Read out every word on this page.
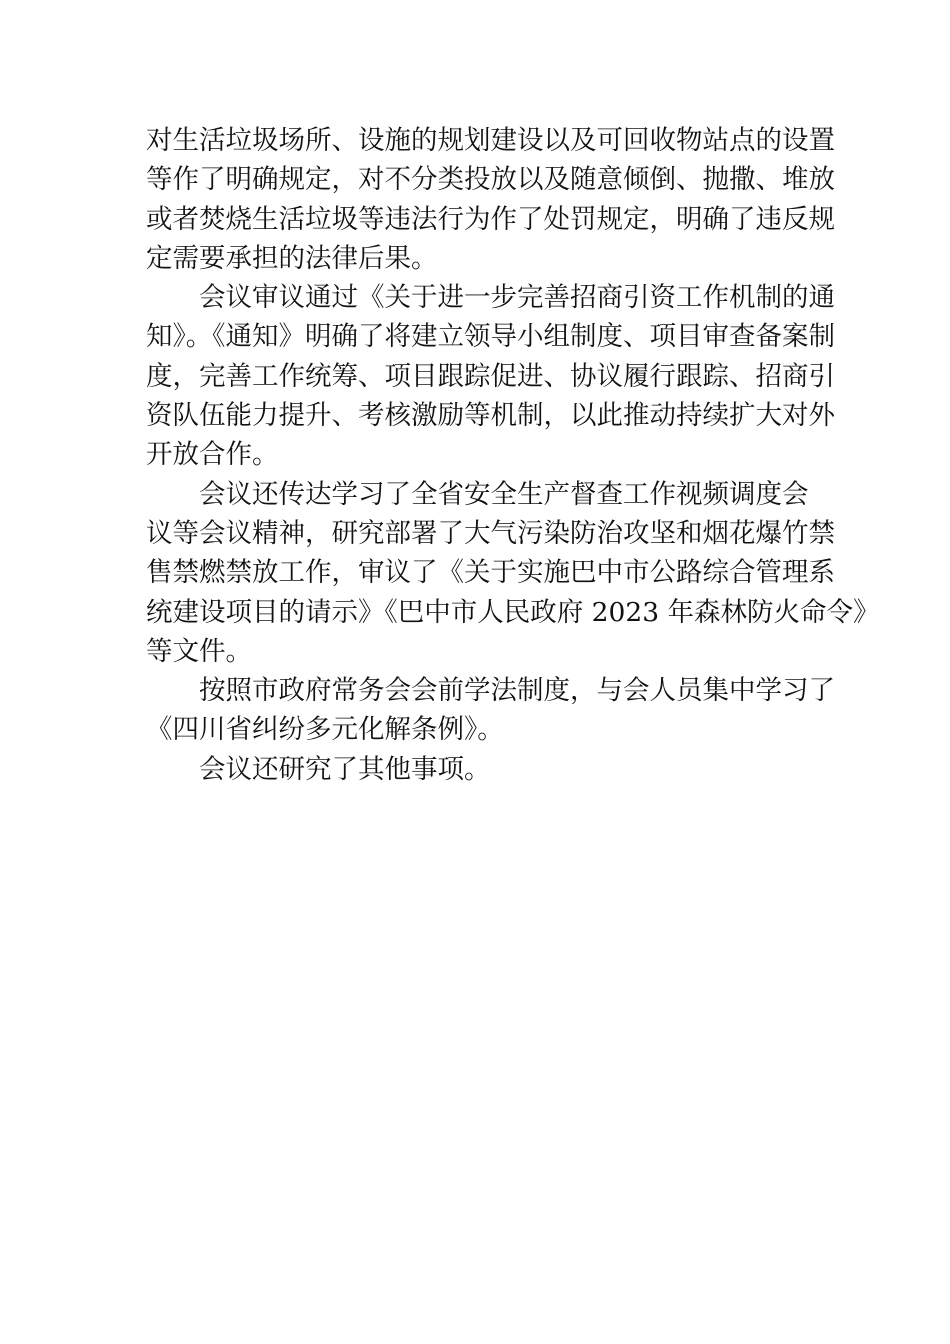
对生活垃圾场所、设施的规划建设以及可回收物站点的设置
等作了明确规定，对不分类投放以及随意倾倒、抛撒、堆放
或者焚烧生活垃圾等违法行为作了处罚规定，明确了违反规
定需要承担的法律后果。
会议审议通过《关于进一步完善招商引资工作机制的通
知》。《通知》明确了将建立领导小组制度、项目审查备案制
度，完善工作统筹、项目跟踪促进、协议履行跟踪、招商引
资队伍能力提升、考核激励等机制，以此推动持续扩大对外
开放合作。
会议还传达学习了全省安全生产督查工作视频调度会
议等会议精神，研究部署了大气污染防治攻坚和烟花爆竹禁
售禁燃禁放工作，审议了《关于实施巴中市公路综合管理系
统建设项目的请示》《巴中市人民政府 2023 年森林防火命令》
等文件。
按照市政府常务会会前学法制度，与会人员集中学习了
《四川省纠纷多元化解条例》。
会议还研究了其他事项。
